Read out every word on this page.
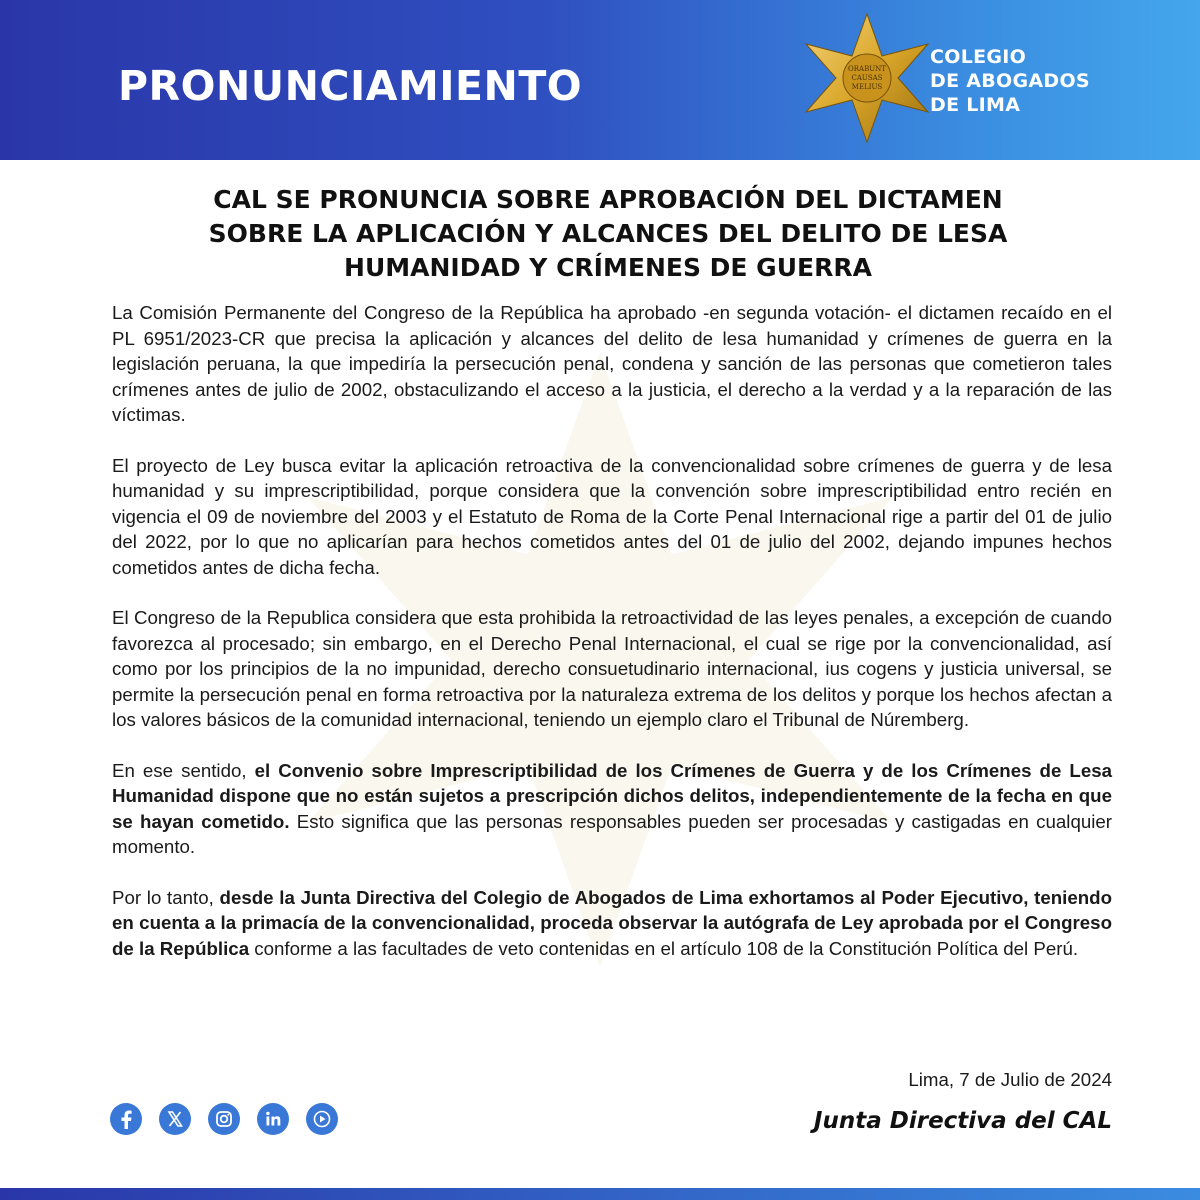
PRONUNCIAMIENTO	ORABUNT
CAUSAS
MELIUS
COLEGIO
DE ABOGADOS
DE LIMA
CAL SE PRONUNCIA SOBRE APROBACIÓN DEL DICTAMEN
SOBRE LA APLICACIÓN Y ALCANCES DEL DELITO DE LESA
HUMANIDAD Y CRÍMENES DE GUERRA

La Comisión Permanente del Congreso de la República ha aprobado -en segunda votación- el dictamen recaído en el PL 6951/2023-CR que precisa la aplicación y alcances del delito de lesa humanidad y crímenes de guerra en la legislación peruana, la que impediría la persecución penal, condena y sanción de las personas que cometieron tales crímenes antes de julio de 2002, obstaculizando el acceso a la justicia, el derecho a la verdad y a la reparación de las víctimas.

El proyecto de Ley busca evitar la aplicación retroactiva de la convencionalidad sobre crímenes de guerra y de lesa humanidad y su imprescriptibilidad, porque considera que la convención sobre imprescriptibilidad entro recién en vigencia el 09 de noviembre del 2003 y el Estatuto de Roma de la Corte Penal Internacional rige a partir del 01 de julio del 2022, por lo que no aplicarían para hechos cometidos antes del 01 de julio del 2002, dejando impunes hechos cometidos antes de dicha fecha.

El Congreso de la Republica considera que esta prohibida la retroactividad de las leyes penales, a excepción de cuando favorezca al procesado; sin embargo, en el Derecho Penal Internacional, el cual se rige por la convencionalidad, así como por los principios de la no impunidad, derecho consuetudinario internacional, ius cogens y justicia universal, se permite la persecución penal en forma retroactiva por la naturaleza extrema de los delitos y porque los hechos afectan a los valores básicos de la comunidad internacional, teniendo un ejemplo claro el Tribunal de Núremberg.

En ese sentido, el Convenio sobre Imprescriptibilidad de los Crímenes de Guerra y de los Crímenes de Lesa Humanidad dispone que no están sujetos a prescripción dichos delitos, independientemente de la fecha en que se hayan cometido. Esto significa que las personas responsables pueden ser procesadas y castigadas en cualquier momento.

Por lo tanto, desde la Junta Directiva del Colegio de Abogados de Lima exhortamos al Poder Ejecutivo, teniendo en cuenta a la primacía de la convencionalidad, proceda observar la autógrafa de Ley aprobada por el Congreso de la República conforme a las facultades de veto contenidas en el artículo 108 de la Constitución Política del Perú.

Lima, 7 de Julio de 2024
Junta Directiva del CAL
